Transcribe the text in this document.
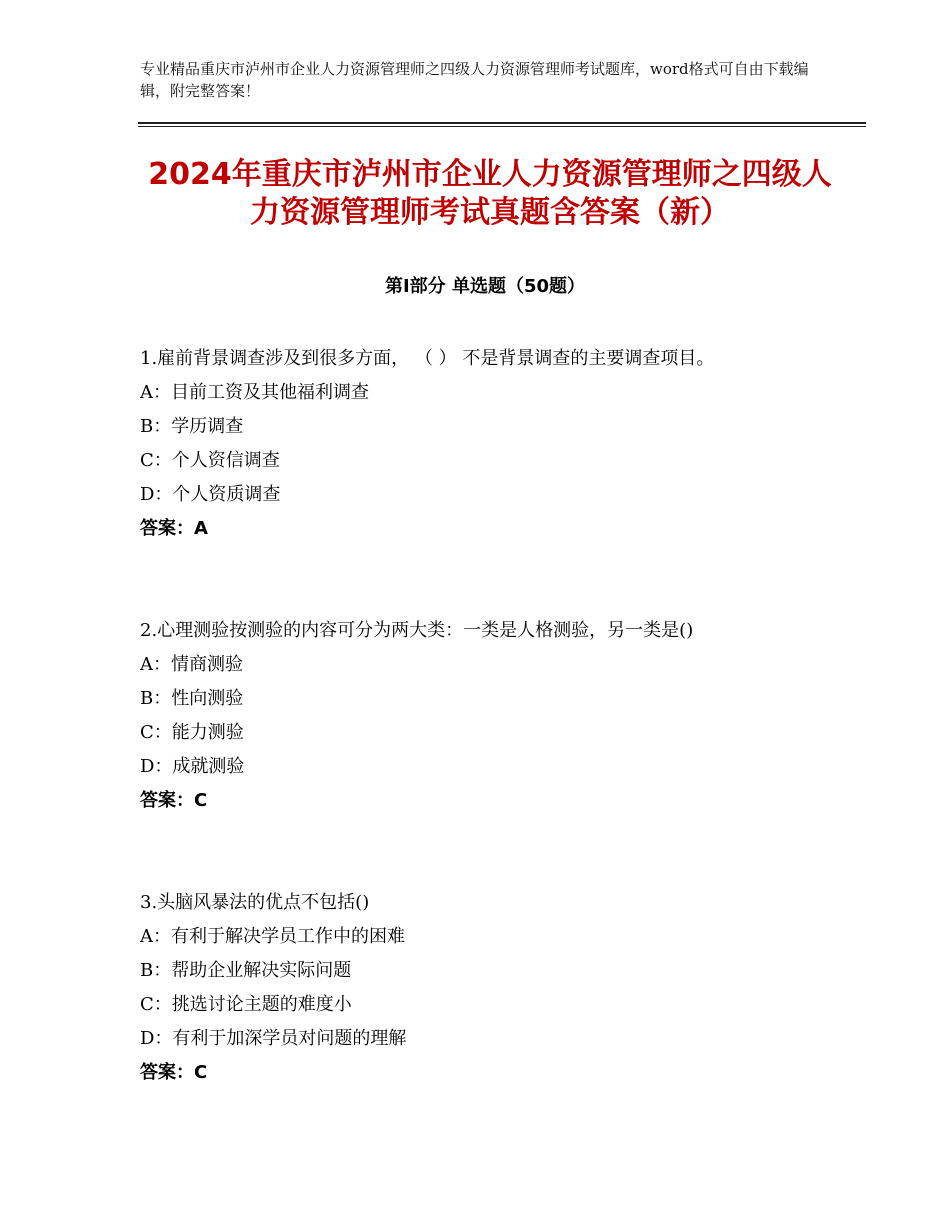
专业精品重庆市泸州市企业人力资源管理师之四级人力资源管理师考试题库，word格式可自由下载编辑，附完整答案！
2024年重庆市泸州市企业人力资源管理师之四级人力资源管理师考试真题含答案（新）
第Ⅰ部分 单选题（50题）

1.雇前背景调查涉及到很多方面， （ ） 不是背景调查的主要调查项目。

A：目前工资及其他福利调查

B：学历调查

C：个人资信调查

D：个人资质调查

答案：A

2.心理测验按测验的内容可分为两大类：一类是人格测验，另一类是()

A：情商测验

B：性向测验

C：能力测验

D：成就测验

答案：C

3.头脑风暴法的优点不包括()

A：有利于解决学员工作中的困难

B：帮助企业解决实际问题

C：挑选讨论主题的难度小

D：有利于加深学员对问题的理解

答案：C
